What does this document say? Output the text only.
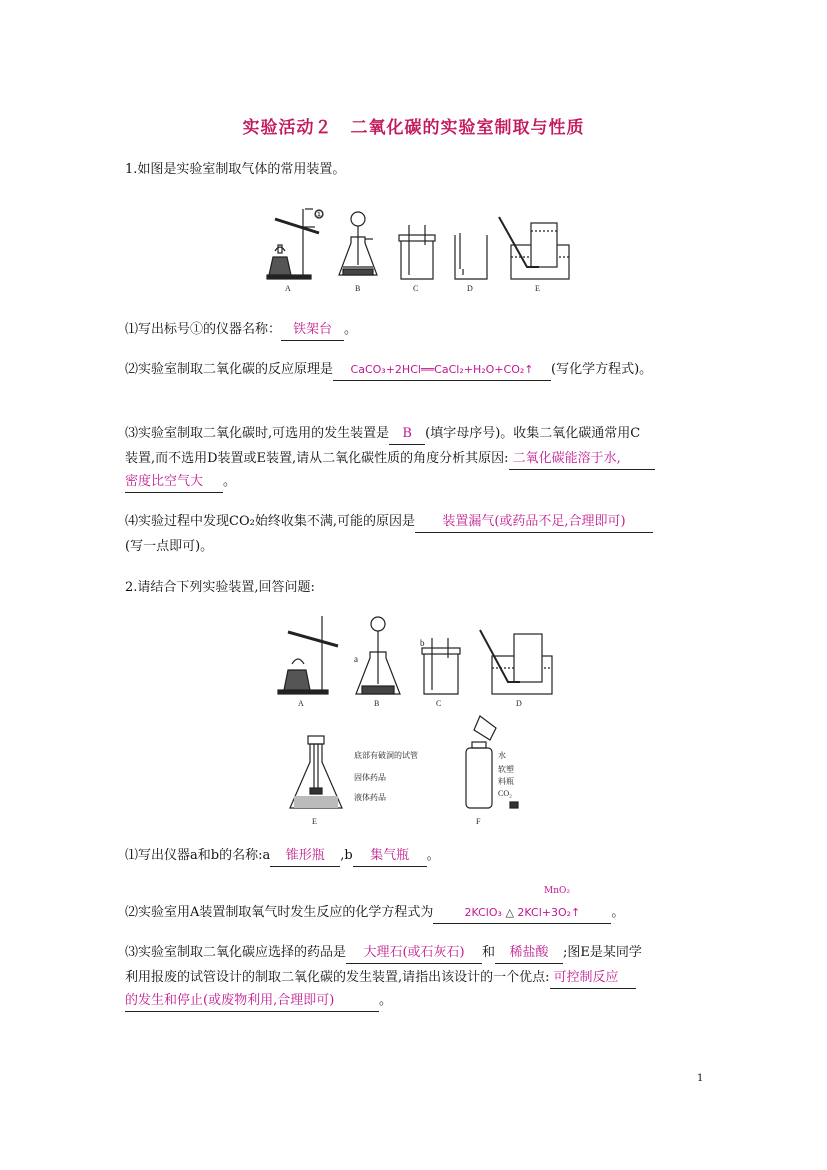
实验活动２　二氧化碳的实验室制取与性质
1.如图是实验室制取气体的常用装置。
①
A	B	C	D	E
⑴写出标号①的仪器名称： 铁架台 。
⑵实验室制取二氧化碳的反应原理是 CaCO₃+2HCl══CaCl₂+H₂O+CO₂↑ (写化学方程式)。
⑶实验室制取二氧化碳时,可选用的发生装置是 B (填字母序号)。收集二氧化碳通常用C
装置,而不选用D装置或E装置,请从二氧化碳性质的角度分析其原因: 二氧化碳能溶于水,
密度比空气大 。
⑷实验过程中发现CO₂始终收集不满,可能的原因是 装置漏气(或药品不足,合理即可)
(写一点即可)。
2.请结合下列实验装置,回答问题:
A
a
B
b
C	D
底部有破洞的试管
固体药品
液体药品
E
水
软塑
料瓶
CO₂
F
⑴写出仪器a和b的名称:a 锥形瓶 ,b 集气瓶 。
MnO₂
⑵实验室用A装置制取氧气时发生反应的化学方程式为	2KClO₃ △ 2KCl+3O₂↑ 。
⑶实验室制取二氧化碳应选择的药品是 大理石(或石灰石) 和 稀盐酸 ;图E是某同学
利用报废的试管设计的制取二氧化碳的发生装置,请指出该设计的一个优点: 可控制反应
的发生和停止(或废物利用,合理即可)	。
1
